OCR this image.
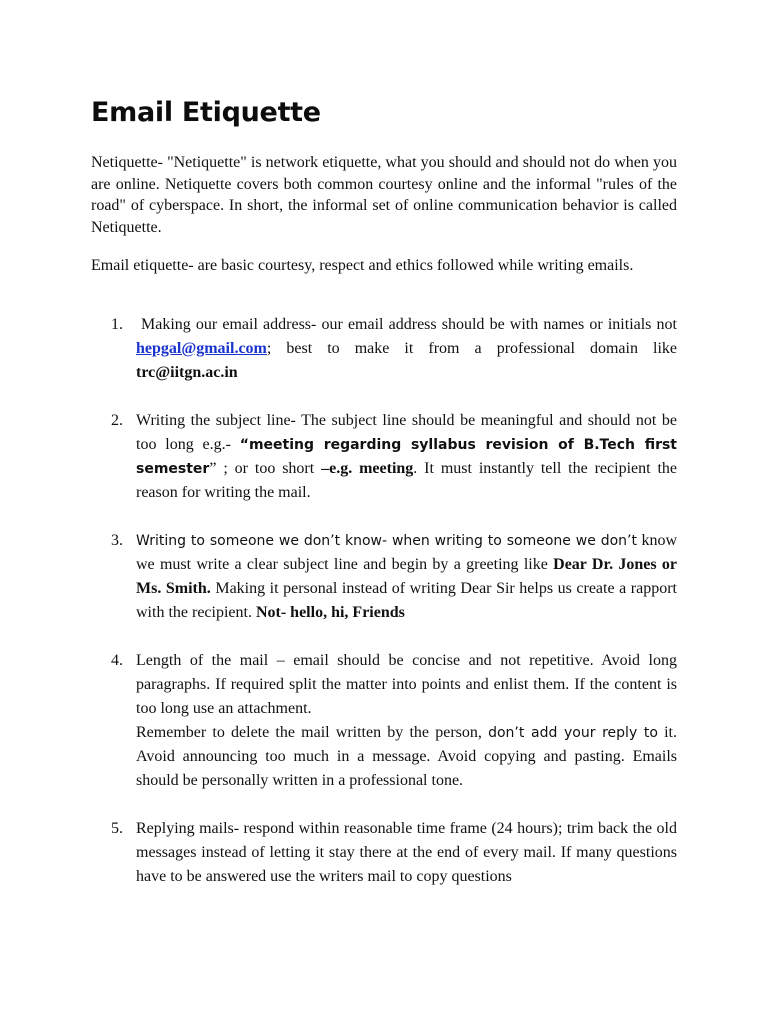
Email Etiquette

Netiquette- "Netiquette" is network etiquette, what you should and should not do when you are online. Netiquette covers both common courtesy online and the informal "rules of the road" of cyberspace. In short, the informal set of online communication behavior is called Netiquette.

Email etiquette- are basic courtesy, respect and ethics followed while writing emails.

1.	Making our email address- our email address should be with names or initials not hepgal@gmail.com; best to make it from a professional domain like trc@iitgn.ac.in
2. Writing the subject line- The subject line should be meaningful and should not be too long e.g.- “meeting regarding syllabus revision of B.Tech first semester” ; or too short –e.g. meeting. It must instantly tell the recipient the reason for writing the mail.
3. Writing to someone we don’t know- when writing to someone we don’t know we must write a clear subject line and begin by a greeting like Dear Dr. Jones or Ms. Smith. Making it personal instead of writing Dear Sir helps us create a rapport with the recipient. Not- hello, hi, Friends
4. Length of the mail – email should be concise and not repetitive. Avoid long paragraphs. If required split the matter into points and enlist them. If the content is too long use an attachment.
Remember to delete the mail written by the person, don’t add your reply to it. Avoid announcing too much in a message. Avoid copying and pasting. Emails should be personally written in a professional tone.
5. Replying mails- respond within reasonable time frame (24 hours); trim back the old messages instead of letting it stay there at the end of every mail. If many questions have to be answered use the writers mail to copy questions
